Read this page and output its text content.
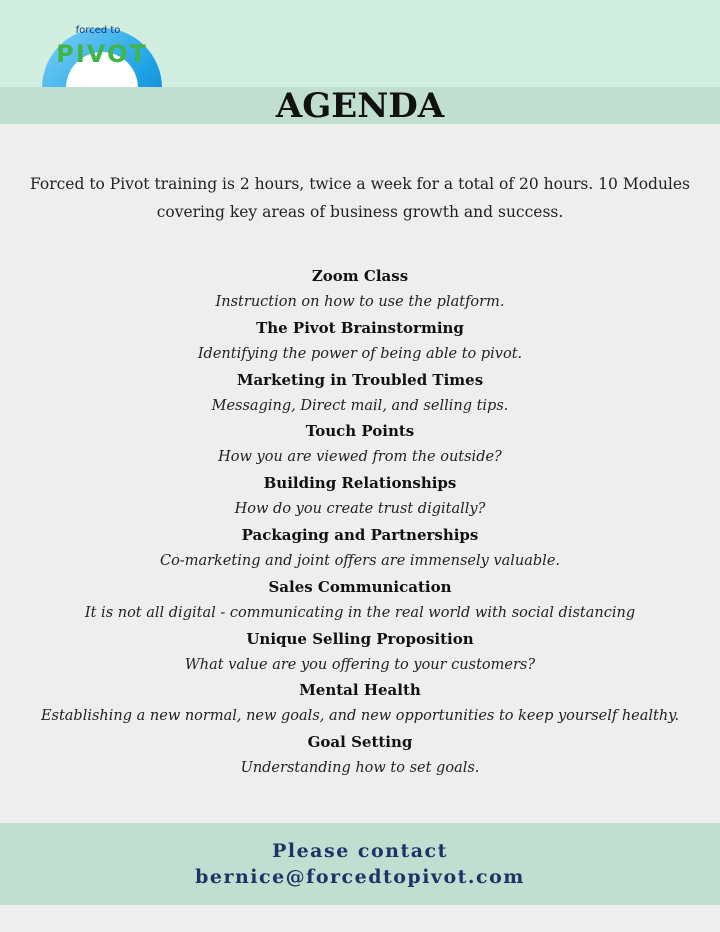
forced to
PIVOT
AGENDA
Forced to Pivot training is 2 hours, twice a week for a total of 20 hours. 10 Modules covering key areas of business growth and success.
Zoom Class
Instruction on how to use the platform.
The Pivot Brainstorming
Identifying the power of being able to pivot.
Marketing in Troubled Times
Messaging, Direct mail, and selling tips.
Touch Points
How you are viewed from the outside?
Building Relationships
How do you create trust digitally?
Packaging and Partnerships
Co-marketing and joint offers are immensely valuable.
Sales Communication
It is not all digital - communicating in the real world with social distancing
Unique Selling Proposition
What value are you offering to your customers?
Mental Health
Establishing a new normal, new goals, and new opportunities to keep yourself healthy.
Goal Setting
Understanding how to set goals.
Please contact
bernice@forcedtopivot.com
